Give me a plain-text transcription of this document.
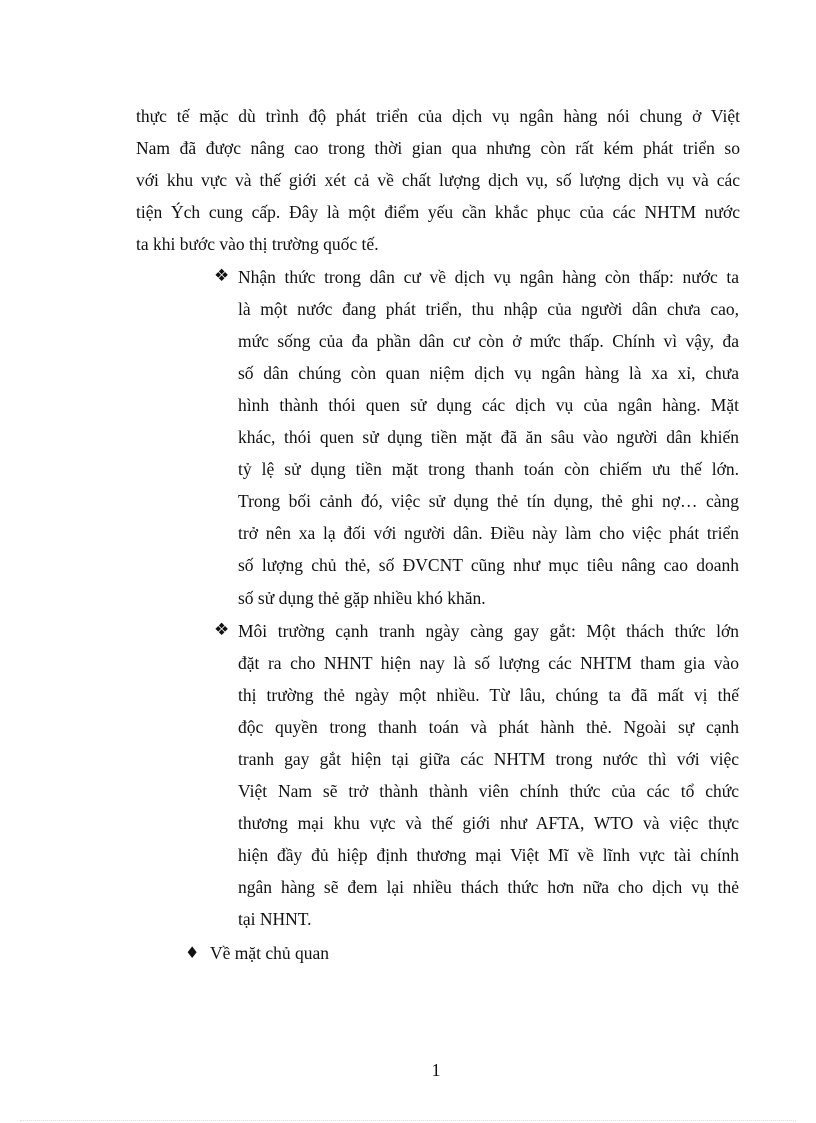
thực tế mặc dù trình độ phát triển của dịch vụ ngân hàng nói chung ở Việt
Nam đã được nâng cao trong thời gian qua nhưng còn rất kém phát triển so
với khu vực và thế giới xét cả về chất lượng dịch vụ, số lượng dịch vụ và các
tiện Ých cung cấp. Đây là một điểm yếu cần khắc phục của các NHTM nước
ta khi bước vào thị trường quốc tế.
❖ Nhận thức trong dân cư về dịch vụ ngân hàng còn thấp: nước ta
là một nước đang phát triển, thu nhập của người dân chưa cao,
mức sống của đa phần dân cư còn ở mức thấp. Chính vì vậy, đa
số dân chúng còn quan niệm dịch vụ ngân hàng là xa xỉ, chưa
hình thành thói quen sử dụng các dịch vụ của ngân hàng. Mặt
khác, thói quen sử dụng tiền mặt đã ăn sâu vào người dân khiến
tỷ lệ sử dụng tiền mặt trong thanh toán còn chiếm ưu thế lớn.
Trong bối cảnh đó, việc sử dụng thẻ tín dụng, thẻ ghi nợ… càng
trở nên xa lạ đối với người dân. Điều này làm cho việc phát triển
số lượng chủ thẻ, số ĐVCNT cũng như mục tiêu nâng cao doanh
số sử dụng thẻ gặp nhiều khó khăn.
❖ Môi trường cạnh tranh ngày càng gay gắt: Một thách thức lớn
đặt ra cho NHNT hiện nay là số lượng các NHTM tham gia vào
thị trường thẻ ngày một nhiều. Từ lâu, chúng ta đã mất vị thế
độc quyền trong thanh toán và phát hành thẻ. Ngoài sự cạnh
tranh gay gắt hiện tại giữa các NHTM trong nước thì với việc
Việt Nam sẽ trở thành thành viên chính thức của các tổ chức
thương mại khu vực và thế giới như AFTA, WTO và việc thực
hiện đầy đủ hiệp định thương mại Việt Mĩ về lĩnh vực tài chính
ngân hàng sẽ đem lại nhiều thách thức hơn nữa cho dịch vụ thẻ
tại NHNT.
♦ Về mặt chủ quan
1
